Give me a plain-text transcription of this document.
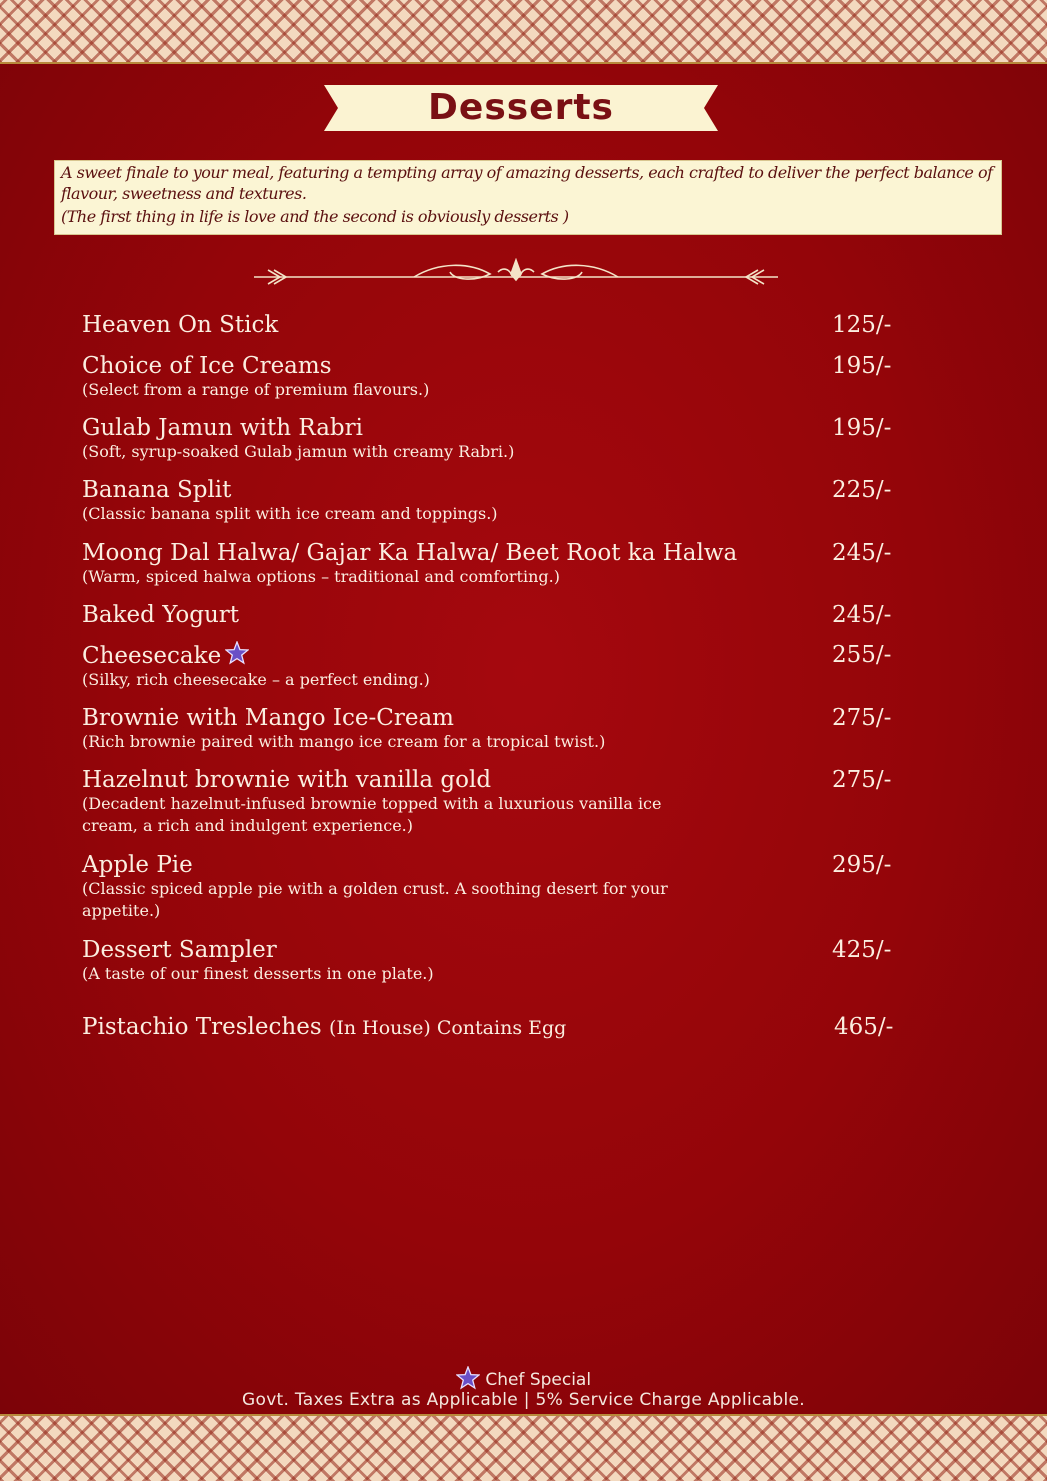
Desserts
A sweet finale to your meal, featuring a tempting array of amazing desserts, each crafted to deliver the perfect balance of
flavour, sweetness and textures.
(The first thing in life is love and the second is obviously desserts )
Heaven On Stick	125/-
Choice of Ice Creams
(Select from a range of premium flavours.)
195/-
Gulab Jamun with Rabri
(Soft, syrup-soaked Gulab jamun with creamy Rabri.)
195/-
Banana Split
(Classic banana split with ice cream and toppings.)
225/-
Moong Dal Halwa/ Gajar Ka Halwa/ Beet Root ka Halwa
(Warm, spiced halwa options – traditional and comforting.)
245/-
Baked Yogurt	245/-
Cheesecake
(Silky, rich cheesecake – a perfect ending.)
255/-
Brownie with Mango Ice-Cream
(Rich brownie paired with mango ice cream for a tropical twist.)
275/-
Hazelnut brownie with vanilla gold
(Decadent hazelnut-infused brownie topped with a luxurious vanilla ice cream, a rich and indulgent experience.)
275/-
Apple Pie
(Classic spiced apple pie with a golden crust. A soothing desert for your appetite.)
295/-
Dessert Sampler
(A taste of our finest desserts in one plate.)
425/-
Pistachio Tresleches (In House) Contains Egg	465/-
Chef Special
Govt. Taxes Extra as Applicable | 5% Service Charge Applicable.
